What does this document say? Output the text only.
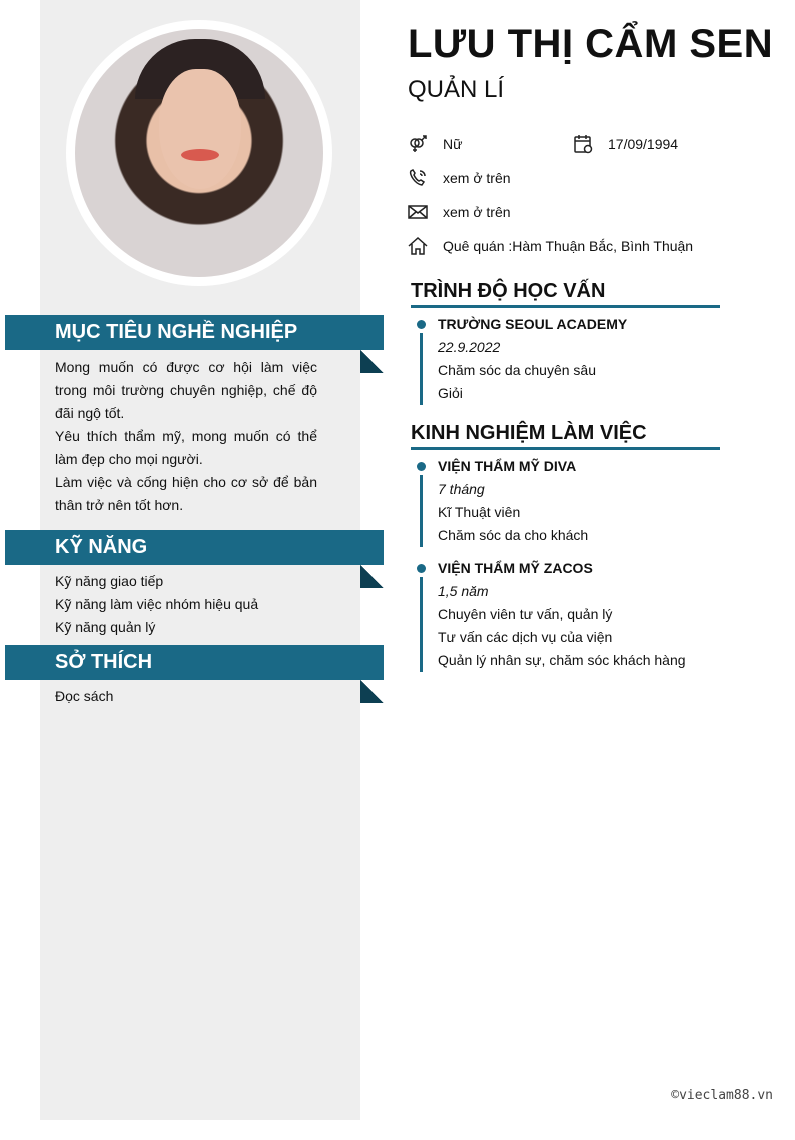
MỤC TIÊU NGHỀ NGHIỆP
Mong muốn có được cơ hội làm việc trong môi trường chuyên nghiệp, chế độ đãi ngộ tốt.
Yêu thích thẩm mỹ, mong muốn có thể làm đẹp cho mọi người.
Làm việc và cống hiện cho cơ sở để bản thân trở nên tốt hơn.
KỸ NĂNG
Kỹ năng giao tiếp
Kỹ năng làm việc nhóm hiệu quả
Kỹ năng quản lý
SỞ THÍCH
Đọc sách
LƯU THỊ CẨM SEN
QUẢN LÍ
Nữ	17/09/1994
xem ở trên
xem ở trên
Quê quán :Hàm Thuận Bắc, Bình Thuận
TRÌNH ĐỘ HỌC VẤN
TRƯỜNG SEOUL ACADEMY
22.9.2022
Chăm sóc da chuyên sâu
Giỏi
KINH NGHIỆM LÀM VIỆC
VIỆN THẨM MỸ DIVA
7 tháng
Kĩ Thuật viên
Chăm sóc da cho khách
VIỆN THẨM MỸ ZACOS
1,5 năm
Chuyên viên tư vấn, quản lý
Tư vấn các dịch vụ của viện
Quản lý nhân sự, chăm sóc khách hàng
©vieclam88.vn
